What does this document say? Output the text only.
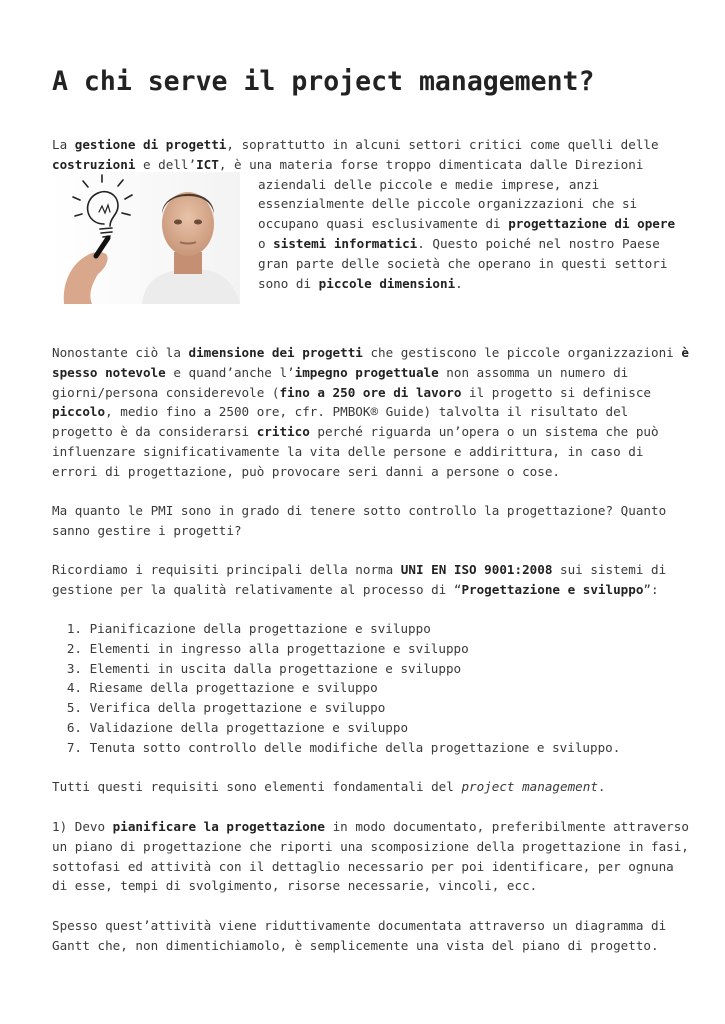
A chi serve il project management?
La gestione di progetti, soprattutto in alcuni settori critici come quelli delle
costruzioni e dell’ICT, è una materia forse troppo dimenticata dalle Direzioni
aziendali delle piccole e medie imprese, anzi
essenzialmente delle piccole organizzazioni che si
occupano quasi esclusivamente di progettazione di opere
o sistemi informatici. Questo poiché nel nostro Paese
gran parte delle società che operano in questi settori
sono di piccole dimensioni.
Nonostante ciò la dimensione dei progetti che gestiscono le piccole organizzazioni è
spesso notevole e quand’anche l’impegno progettuale non assomma un numero di
giorni/persona considerevole (fino a 250 ore di lavoro il progetto si definisce
piccolo, medio fino a 2500 ore, cfr. PMBOK® Guide) talvolta il risultato del
progetto è da considerarsi critico perché riguarda un’opera o un sistema che può
influenzare significativamente la vita delle persone e addirittura, in caso di
errori di progettazione, può provocare seri danni a persone o cose.
Ma quanto le PMI sono in grado di tenere sotto controllo la progettazione? Quanto
sanno gestire i progetti?
Ricordiamo i requisiti principali della norma UNI EN ISO 9001:2008 sui sistemi di
gestione per la qualità relativamente al processo di “Progettazione e sviluppo”:
1. Pianificazione della progettazione e sviluppo
2. Elementi in ingresso alla progettazione e sviluppo
3. Elementi in uscita dalla progettazione e sviluppo
4. Riesame della progettazione e sviluppo
5. Verifica della progettazione e sviluppo
6. Validazione della progettazione e sviluppo
7. Tenuta sotto controllo delle modifiche della progettazione e sviluppo.
Tutti questi requisiti sono elementi fondamentali del project management.
1) Devo pianificare la progettazione in modo documentato, preferibilmente attraverso
un piano di progettazione che riporti una scomposizione della progettazione in fasi,
sottofasi ed attività con il dettaglio necessario per poi identificare, per ognuna
di esse, tempi di svolgimento, risorse necessarie, vincoli, ecc.
Spesso quest’attività viene riduttivamente documentata attraverso un diagramma di
Gantt che, non dimentichiamolo, è semplicemente una vista del piano di progetto.
